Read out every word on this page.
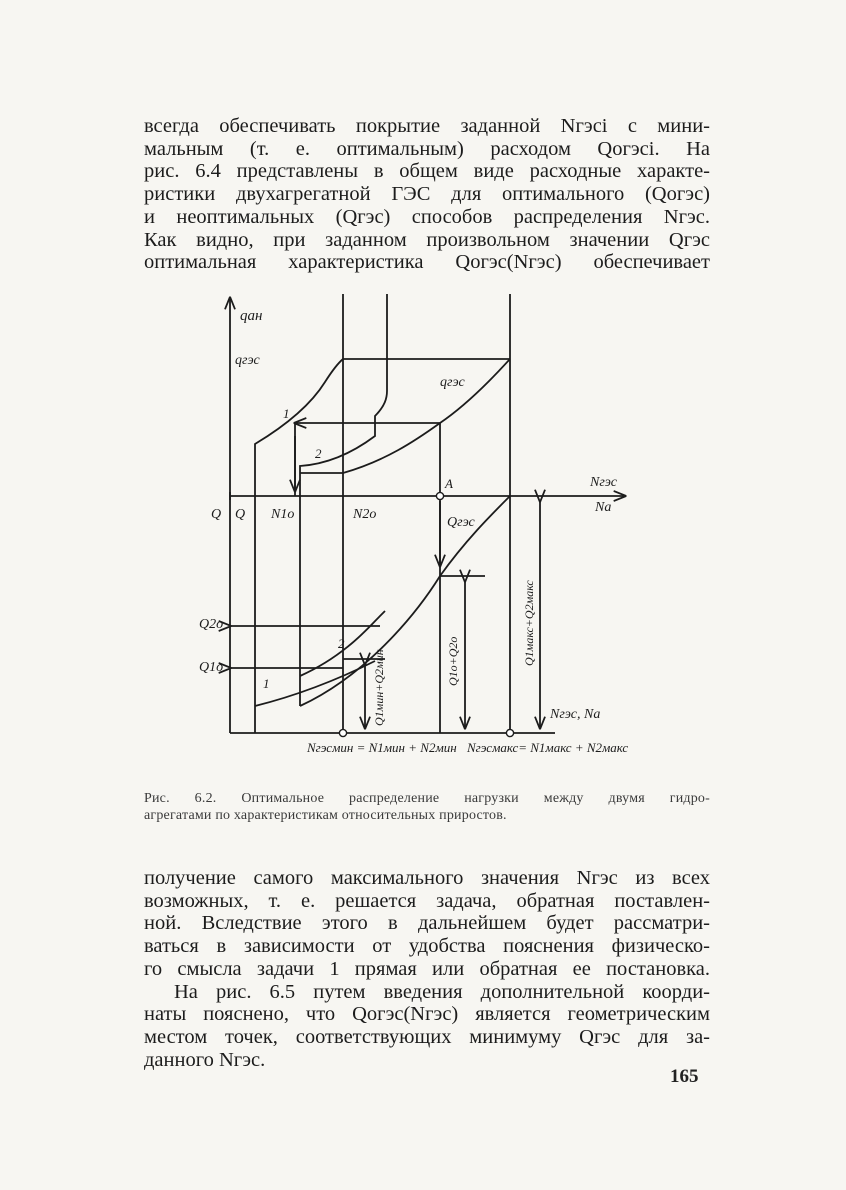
всегда обеспечивать покрытие заданной Nгэсi с мини-
мальным (т. е. оптимальным) расходом Qогэсi. На
рис. 6.4 представлены в общем виде расходные характе-
ристики двухагрегатной ГЭС для оптимального (Qогэс)
и неоптимальных (Qгэс) способов распределения Nгэс.
Как видно, при заданном произвольном значении Qгэс
оптимальная характеристика Qогэс(Nгэс) обеспечивает
qaн
qгэс
qгэс
1
2
A	Nгэс
Na
Q Q N1o	N2o
Qгэс
Q2o
Q1o
2
1	Q1мин+Q2мин	Q1o+Q2o	Q1макс+Q2макс
Nгэс, Na
Nгэсмин = N1мин + N2мин Nгэсмакс= N1макс + N2макс
Рис. 6.2. Оптимальное распределение нагрузки между двумя гидро-
агрегатами по характеристикам относительных приростов.
получение самого максимального значения Nгэс из всех
возможных, т. е. решается задача, обратная поставлен-
ной. Вследствие этого в дальнейшем будет рассматри-
ваться в зависимости от удобства пояснения физическо-
го смысла задачи 1 прямая или обратная ее постановка.
На рис. 6.5 путем введения дополнительной коорди-
наты пояснено, что Qогэс(Nгэс) является геометрическим
местом точек, соответствующих минимуму Qгэс для за-
данного Nгэс.
165
